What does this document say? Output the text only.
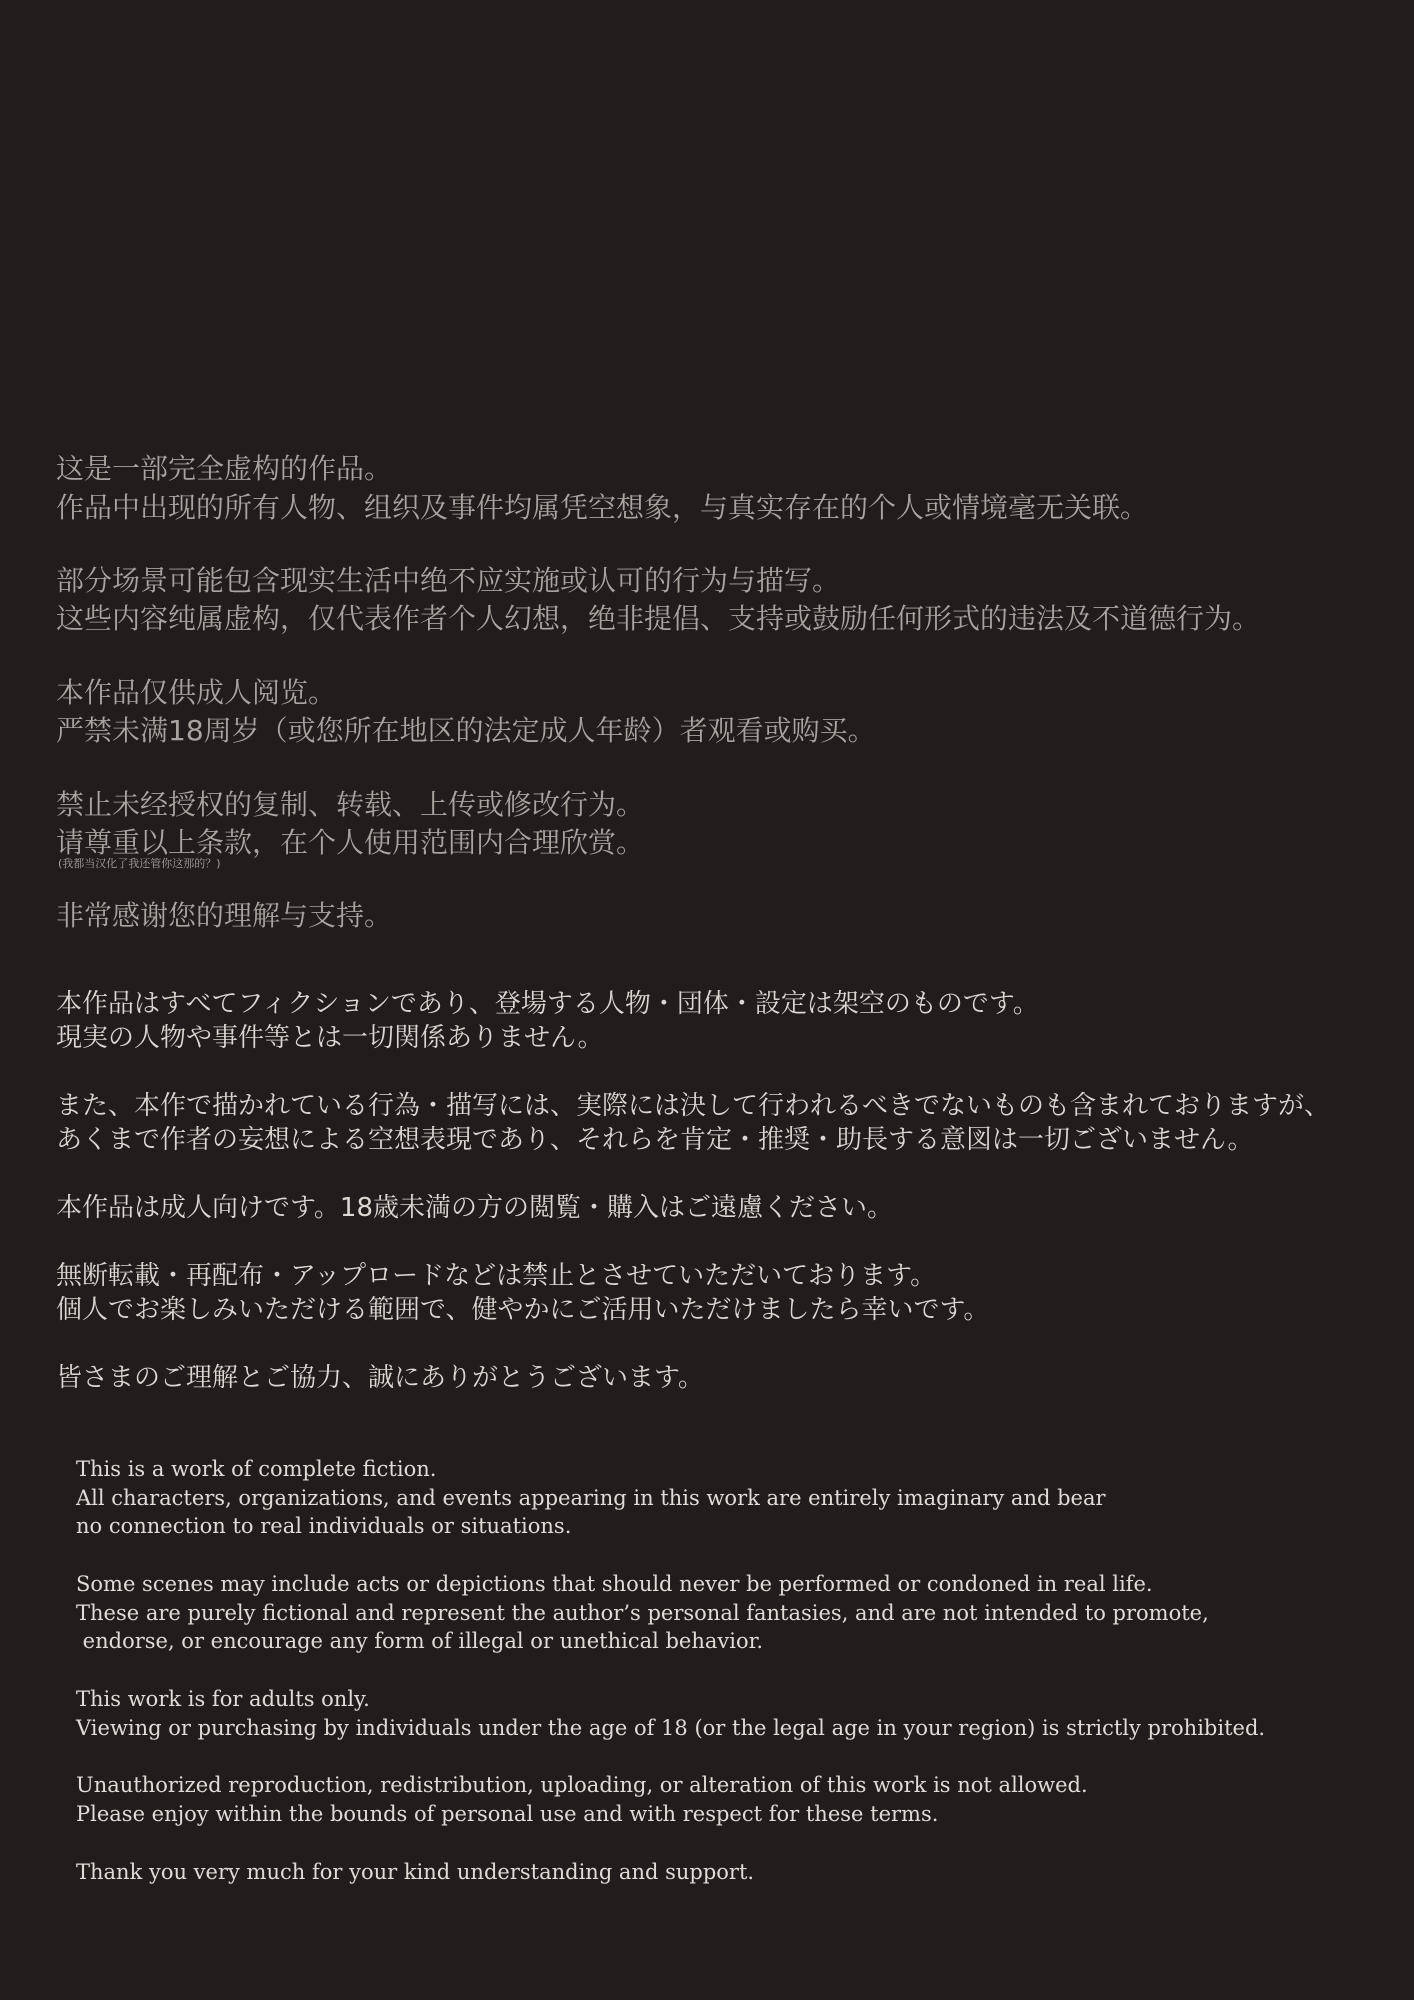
这是一部完全虚构的作品。

作品中出现的所有人物、组织及事件均属凭空想象，与真实存在的个人或情境毫无关联。

部分场景可能包含现实生活中绝不应实施或认可的行为与描写。

这些内容纯属虚构，仅代表作者个人幻想，绝非提倡、支持或鼓励任何形式的违法及不道德行为。

本作品仅供成人阅览。

严禁未满18周岁（或您所在地区的法定成人年龄）者观看或购买。

禁止未经授权的复制、转载、上传或修改行为。

请尊重以上条款，在个人使用范围内合理欣赏。

(我都当汉化了我还管你这那的？)

非常感谢您的理解与支持。

本作品はすべてフィクションであり、登場する人物・団体・設定は架空のものです。

現実の人物や事件等とは一切関係ありません。

また、本作で描かれている行為・描写には、実際には決して行われるべきでないものも含まれておりますが、

あくまで作者の妄想による空想表現であり、それらを肯定・推奨・助長する意図は一切ございません。

本作品は成人向けです。18歳未満の方の閲覧・購入はご遠慮ください。

無断転載・再配布・アップロードなどは禁止とさせていただいております。

個人でお楽しみいただける範囲で、健やかにご活用いただけましたら幸いです。

皆さまのご理解とご協力、誠にありがとうございます。

This is a work of complete fiction.

All characters, organizations, and events appearing in this work are entirely imaginary and bear

no connection to real individuals or situations.

Some scenes may include acts or depictions that should never be performed or condoned in real life.

These are purely fictional and represent the author’s personal fantasies, and are not intended to promote,

endorse, or encourage any form of illegal or unethical behavior.

This work is for adults only.

Viewing or purchasing by individuals under the age of 18 (or the legal age in your region) is strictly prohibited.

Unauthorized reproduction, redistribution, uploading, or alteration of this work is not allowed.

Please enjoy within the bounds of personal use and with respect for these terms.

Thank you very much for your kind understanding and support.
